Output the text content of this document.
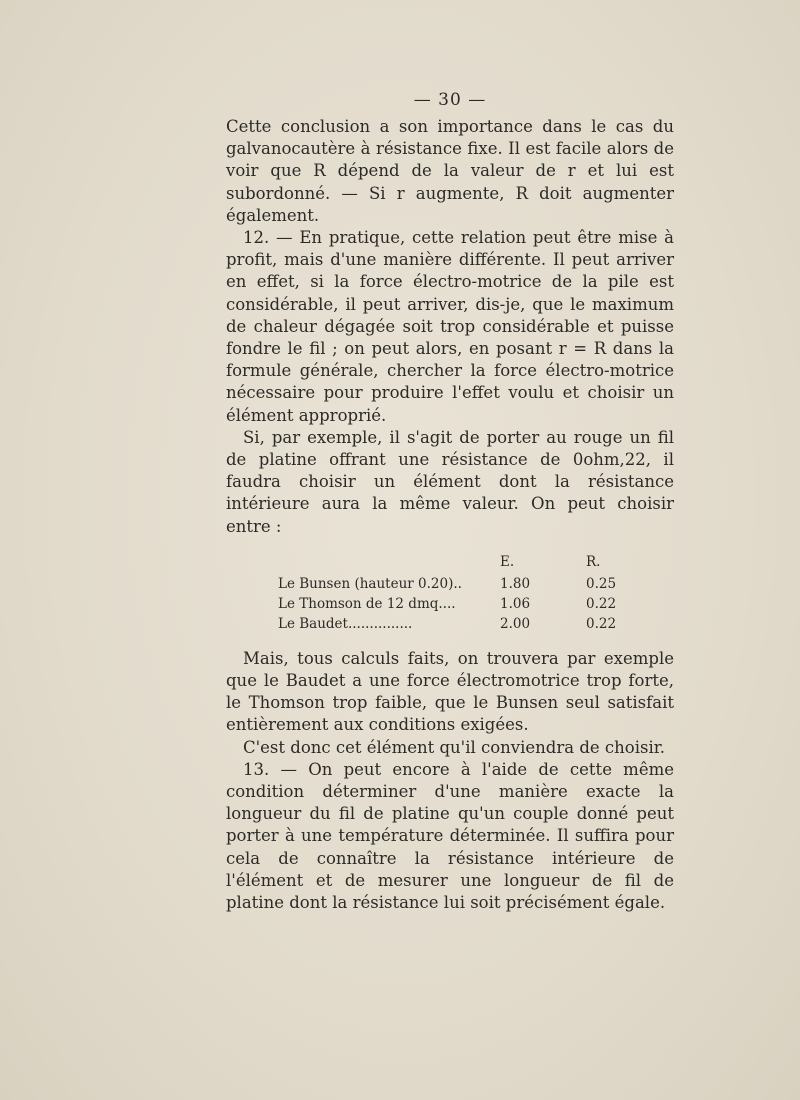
— 30 —

Cette conclusion a son importance dans le cas du galvanocautère à résistance fixe. Il est facile alors de voir que R dépend de la valeur de r et lui est subordonné. — Si r augmente, R doit augmenter également.

12. — En pratique, cette relation peut être mise à profit, mais d'une manière différente. Il peut arriver en effet, si la force électro-motrice de la pile est considérable, il peut arriver, dis-je, que le maximum de chaleur dégagée soit trop considérable et puisse fondre le fil ; on peut alors, en posant r = R dans la formule générale, chercher la force électro-motrice nécessaire pour produire l'effet voulu et choisir un élément approprié.

Si, par exemple, il s'agit de porter au rouge un fil de platine offrant une résistance de 0ohm,22, il faudra choisir un élément dont la résistance intérieure aura la même valeur. On peut choisir entre :

	E.	R.
Le Bunsen (hauteur 0.20)..	1.80	0.25
Le Thomson de 12 dmq....	1.06	0.22
Le Baudet...............	2.00	0.22

Mais, tous calculs faits, on trouvera par exemple que le Baudet a une force électromotrice trop forte, le Thomson trop faible, que le Bunsen seul satisfait entièrement aux conditions exigées.

C'est donc cet élément qu'il conviendra de choisir.

13. — On peut encore à l'aide de cette même condition déterminer d'une manière exacte la longueur du fil de platine qu'un couple donné peut porter à une température déterminée. Il suffira pour cela de connaître la résistance intérieure de l'élément et de mesurer une longueur de fil de platine dont la résistance lui soit précisément égale.
